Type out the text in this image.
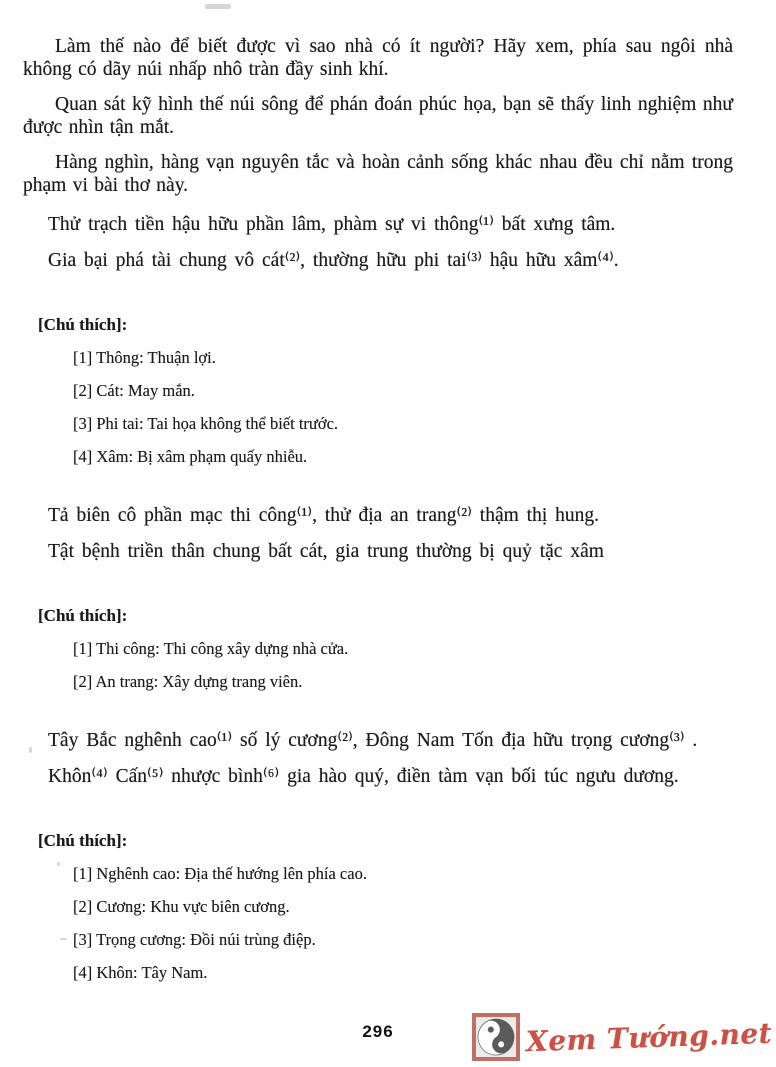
Làm thế nào để biết được vì sao nhà có ít người? Hãy xem, phía sau ngôi nhà không có dãy núi nhấp nhô tràn đầy sinh khí.

Quan sát kỹ hình thế núi sông để phán đoán phúc họa, bạn sẽ thấy linh nghiệm như được nhìn tận mắt.

Hàng nghìn, hàng vạn nguyên tắc và hoàn cảnh sống khác nhau đều chỉ nằm trong phạm vi bài thơ này.

Thử trạch tiền hậu hữu phần lâm, phàm sự vi thông⁽¹⁾ bất xưng tâm.

Gia bại phá tài chung vô cát⁽²⁾, thường hữu phi tai⁽³⁾ hậu hữu xâm⁽⁴⁾.

[Chú thích]:

[1] Thông: Thuận lợi.

[2] Cát: May mắn.

[3] Phi tai: Tai họa không thể biết trước.

[4] Xâm: Bị xâm phạm quấy nhiễu.

Tả biên cô phần mạc thi công⁽¹⁾, thử địa an trang⁽²⁾ thậm thị hung.

Tật bệnh triền thân chung bất cát, gia trung thường bị quỷ tặc xâm

[Chú thích]:

[1] Thi công: Thi công xây dựng nhà cửa.

[2] An trang: Xây dựng trang viên.

Tây Bắc nghênh cao⁽¹⁾ số lý cương⁽²⁾, Đông Nam Tốn địa hữu trọng cương⁽³⁾ .

Khôn⁽⁴⁾ Cấn⁽⁵⁾ nhược bình⁽⁶⁾ gia hào quý, điền tàm vạn bối túc ngưu dương.

[Chú thích]:

[1] Nghênh cao: Địa thế hướng lên phía cao.

[2] Cương: Khu vực biên cương.

[3] Trọng cương: Đồi núi trùng điệp.

[4] Khôn: Tây Nam.

296	Xem Tướng.net
